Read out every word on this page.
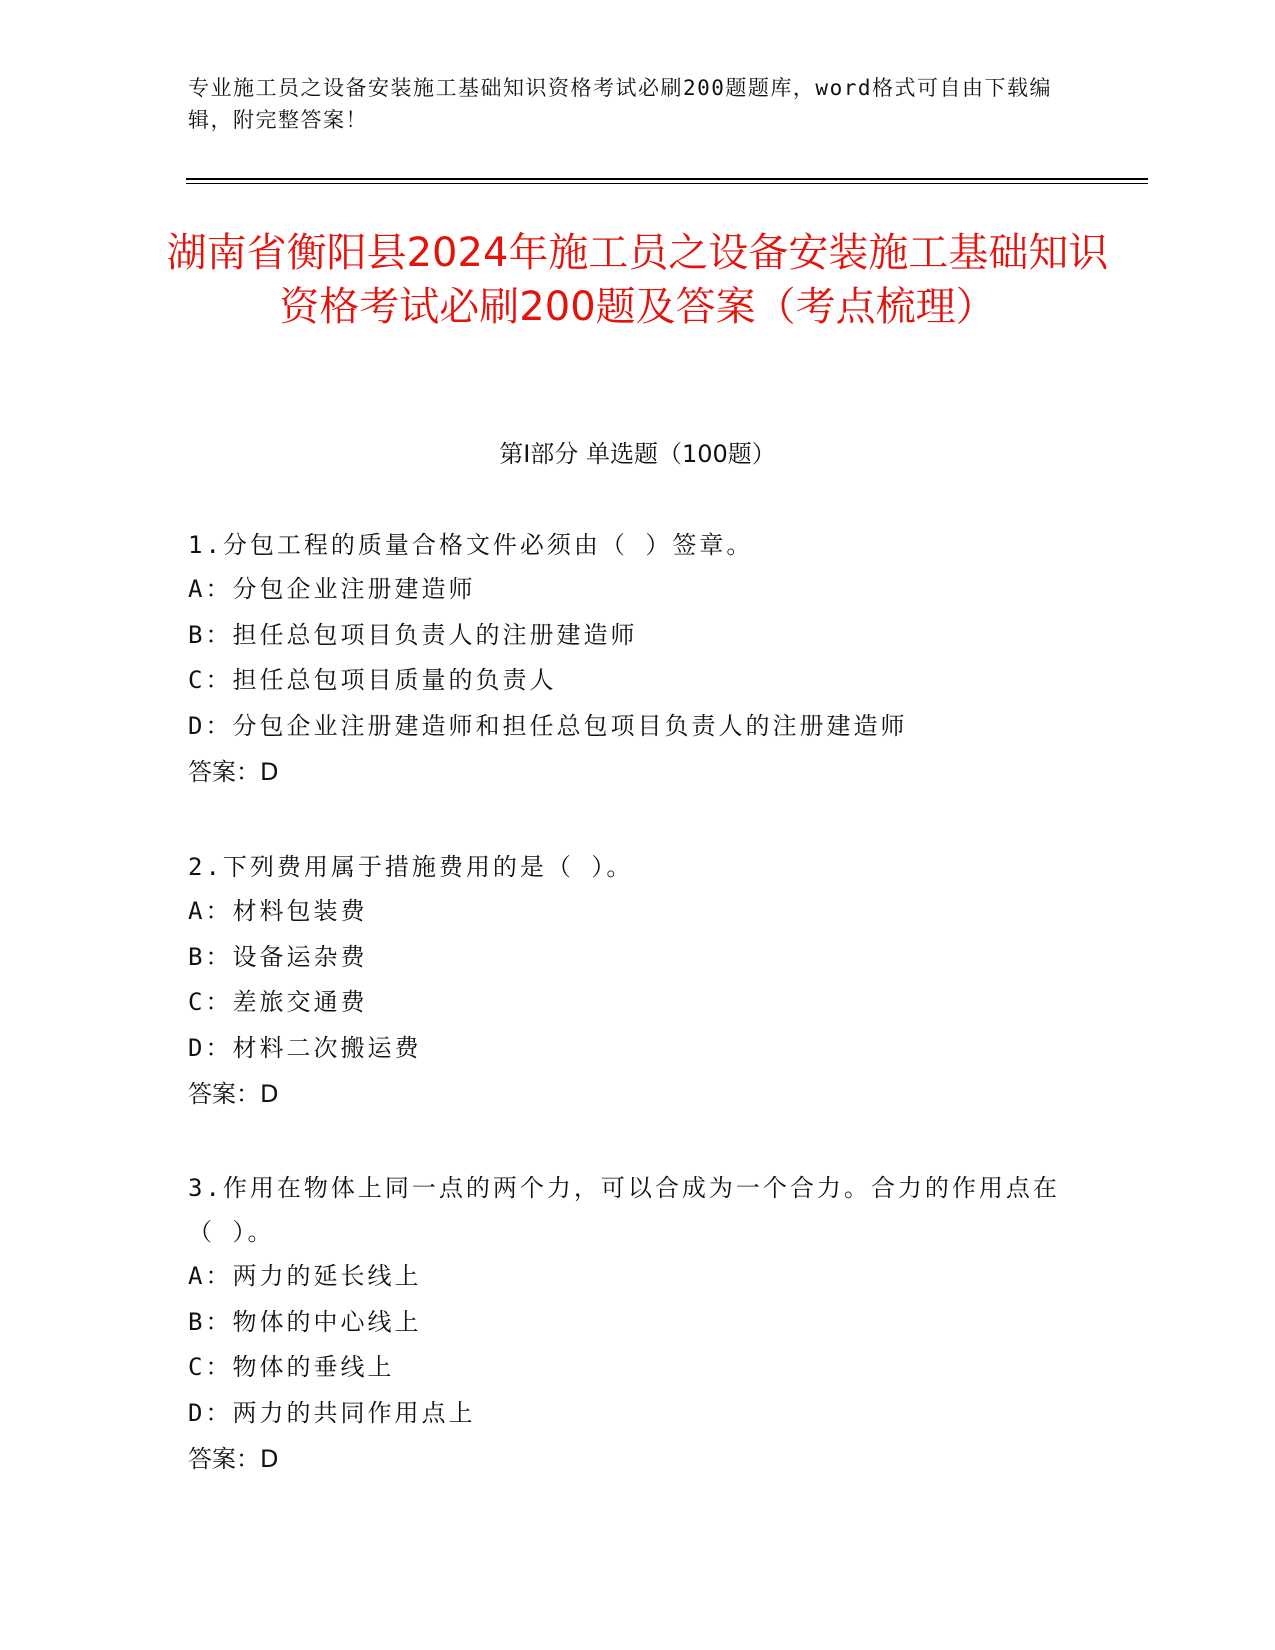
专业施工员之设备安装施工基础知识资格考试必刷200题题库，word格式可自由下载编辑，附完整答案！
湖南省衡阳县2024年施工员之设备安装施工基础知识资格考试必刷200题及答案（考点梳理）
第Ⅰ部分 单选题（100题）
1.分包工程的质量合格文件必须由（ ）签章。
A：分包企业注册建造师
B：担任总包项目负责人的注册建造师
C：担任总包项目质量的负责人
D：分包企业注册建造师和担任总包项目负责人的注册建造师
答案：D
2.下列费用属于措施费用的是（ ）。
A：材料包装费
B：设备运杂费
C：差旅交通费
D：材料二次搬运费
答案：D
3.作用在物体上同一点的两个力，可以合成为一个合力。合力的作用点在（ ）。
A：两力的延长线上
B：物体的中心线上
C：物体的垂线上
D：两力的共同作用点上
答案：D
